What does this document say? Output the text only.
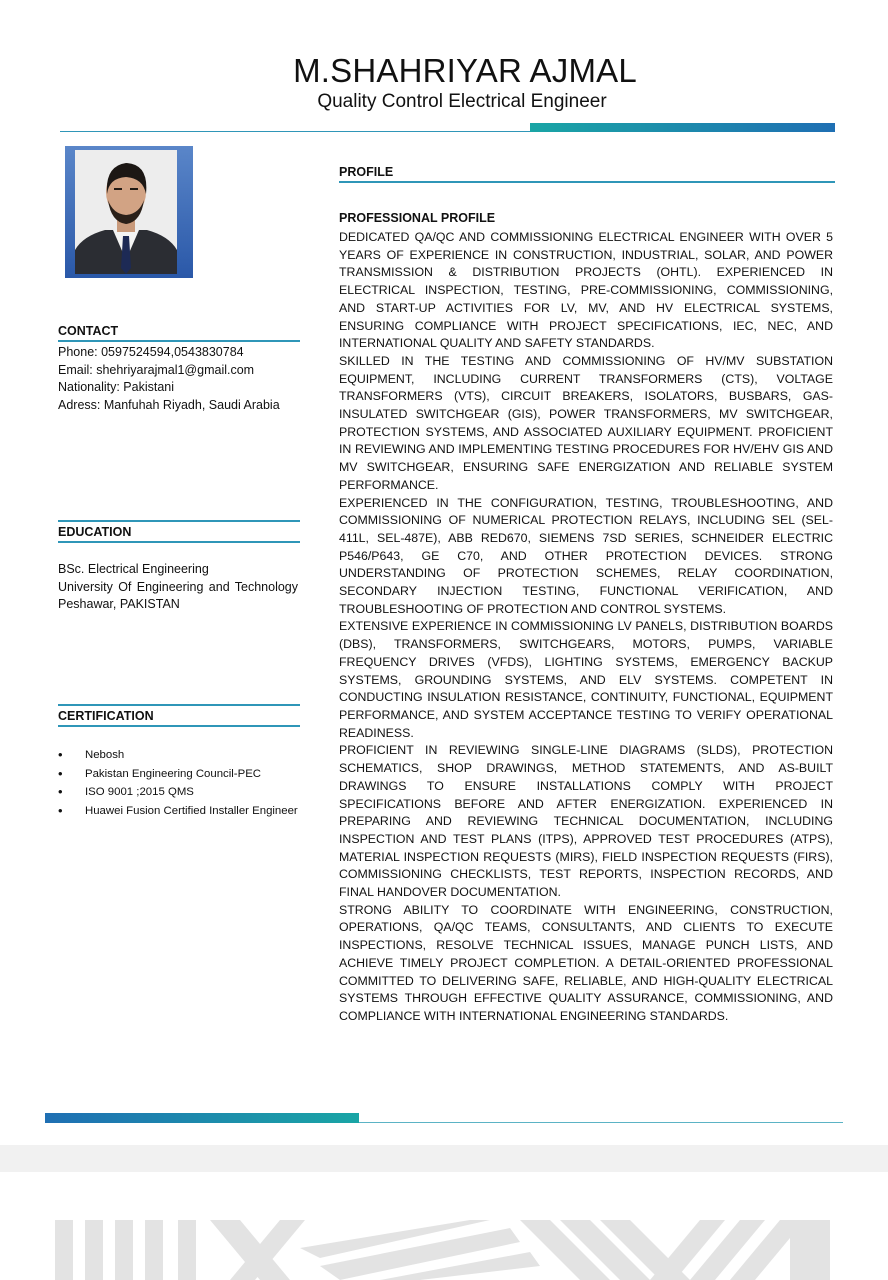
M.SHAHRIYAR AJMAL
Quality Control Electrical Engineer
CONTACT
Phone: 0597524594,0543830784
Email: shehriyarajmal1@gmail.com
Nationality: Pakistani
Adress: Manfuhah Riyadh, Saudi Arabia
EDUCATION
BSc. Electrical Engineering
University Of Engineering and Technology Peshawar, PAKISTAN
CERTIFICATION
• Nebosh
• Pakistan Engineering Council-PEC
• ISO 9001 ;2015 QMS
• Huawei Fusion Certified Installer Engineer
PROFILE
PROFESSIONAL PROFILE

DEDICATED QA/QC AND COMMISSIONING ELECTRICAL ENGINEER WITH OVER 5 YEARS OF EXPERIENCE IN CONSTRUCTION, INDUSTRIAL, SOLAR, AND POWER TRANSMISSION & DISTRIBUTION PROJECTS (OHTL). EXPERIENCED IN ELECTRICAL INSPECTION, TESTING, PRE-COMMISSIONING, COMMISSIONING, AND START-UP ACTIVITIES FOR LV, MV, AND HV ELECTRICAL SYSTEMS, ENSURING COMPLIANCE WITH PROJECT SPECIFICATIONS, IEC, NEC, AND INTERNATIONAL QUALITY AND SAFETY STANDARDS.

SKILLED IN THE TESTING AND COMMISSIONING OF HV/MV SUBSTATION EQUIPMENT, INCLUDING CURRENT TRANSFORMERS (CTS), VOLTAGE TRANSFORMERS (VTS), CIRCUIT BREAKERS, ISOLATORS, BUSBARS, GAS-INSULATED SWITCHGEAR (GIS), POWER TRANSFORMERS, MV SWITCHGEAR, PROTECTION SYSTEMS, AND ASSOCIATED AUXILIARY EQUIPMENT. PROFICIENT IN REVIEWING AND IMPLEMENTING TESTING PROCEDURES FOR HV/EHV GIS AND MV SWITCHGEAR, ENSURING SAFE ENERGIZATION AND RELIABLE SYSTEM PERFORMANCE.

EXPERIENCED IN THE CONFIGURATION, TESTING, TROUBLESHOOTING, AND COMMISSIONING OF NUMERICAL PROTECTION RELAYS, INCLUDING SEL (SEL-411L, SEL-487E), ABB RED670, SIEMENS 7SD SERIES, SCHNEIDER ELECTRIC P546/P643, GE C70, AND OTHER PROTECTION DEVICES. STRONG UNDERSTANDING OF PROTECTION SCHEMES, RELAY COORDINATION, SECONDARY INJECTION TESTING, FUNCTIONAL VERIFICATION, AND TROUBLESHOOTING OF PROTECTION AND CONTROL SYSTEMS.

EXTENSIVE EXPERIENCE IN COMMISSIONING LV PANELS, DISTRIBUTION BOARDS (DBS), TRANSFORMERS, SWITCHGEARS, MOTORS, PUMPS, VARIABLE FREQUENCY DRIVES (VFDS), LIGHTING SYSTEMS, EMERGENCY BACKUP SYSTEMS, GROUNDING SYSTEMS, AND ELV SYSTEMS. COMPETENT IN CONDUCTING INSULATION RESISTANCE, CONTINUITY, FUNCTIONAL, EQUIPMENT PERFORMANCE, AND SYSTEM ACCEPTANCE TESTING TO VERIFY OPERATIONAL READINESS.

PROFICIENT IN REVIEWING SINGLE-LINE DIAGRAMS (SLDS), PROTECTION SCHEMATICS, SHOP DRAWINGS, METHOD STATEMENTS, AND AS-BUILT DRAWINGS TO ENSURE INSTALLATIONS COMPLY WITH PROJECT SPECIFICATIONS BEFORE AND AFTER ENERGIZATION. EXPERIENCED IN PREPARING AND REVIEWING TECHNICAL DOCUMENTATION, INCLUDING INSPECTION AND TEST PLANS (ITPS), APPROVED TEST PROCEDURES (ATPS), MATERIAL INSPECTION REQUESTS (MIRS), FIELD INSPECTION REQUESTS (FIRS), COMMISSIONING CHECKLISTS, TEST REPORTS, INSPECTION RECORDS, AND FINAL HANDOVER DOCUMENTATION.

STRONG ABILITY TO COORDINATE WITH ENGINEERING, CONSTRUCTION, OPERATIONS, QA/QC TEAMS, CONSULTANTS, AND CLIENTS TO EXECUTE INSPECTIONS, RESOLVE TECHNICAL ISSUES, MANAGE PUNCH LISTS, AND ACHIEVE TIMELY PROJECT COMPLETION. A DETAIL-ORIENTED PROFESSIONAL COMMITTED TO DELIVERING SAFE, RELIABLE, AND HIGH-QUALITY ELECTRICAL SYSTEMS THROUGH EFFECTIVE QUALITY ASSURANCE, COMMISSIONING, AND COMPLIANCE WITH INTERNATIONAL ENGINEERING STANDARDS.
